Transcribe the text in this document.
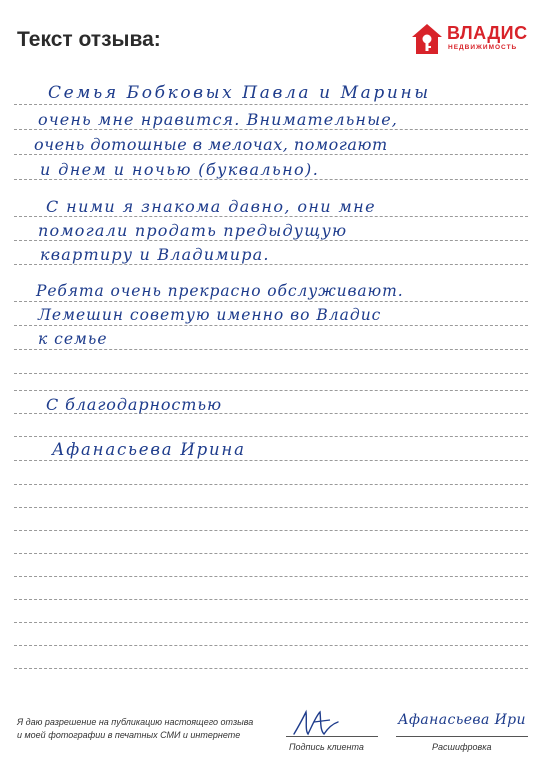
Текст отзыва:	ВЛАДИС
НЕДВИЖИМОСТЬ
Семья Бобковых Павла и Марины
очень мне нравится. Внимательные,
очень дотошные в мелочах, помогают
и днем и ночью (буквально).
С ними я знакома давно, они мне
помогали продать предыдущую
квартиру и Владимира.
Ребята очень прекрасно обслуживают.
Лемешин советую именно во Владис
к семье
С благодарностью
Афанасьева Ирина
Я даю разрешение на публикацию настоящего отзыва
и моей фотографии в печатных СМИ и интернете
Подпись клиента
Афанасьева Ири
Расшифровка
